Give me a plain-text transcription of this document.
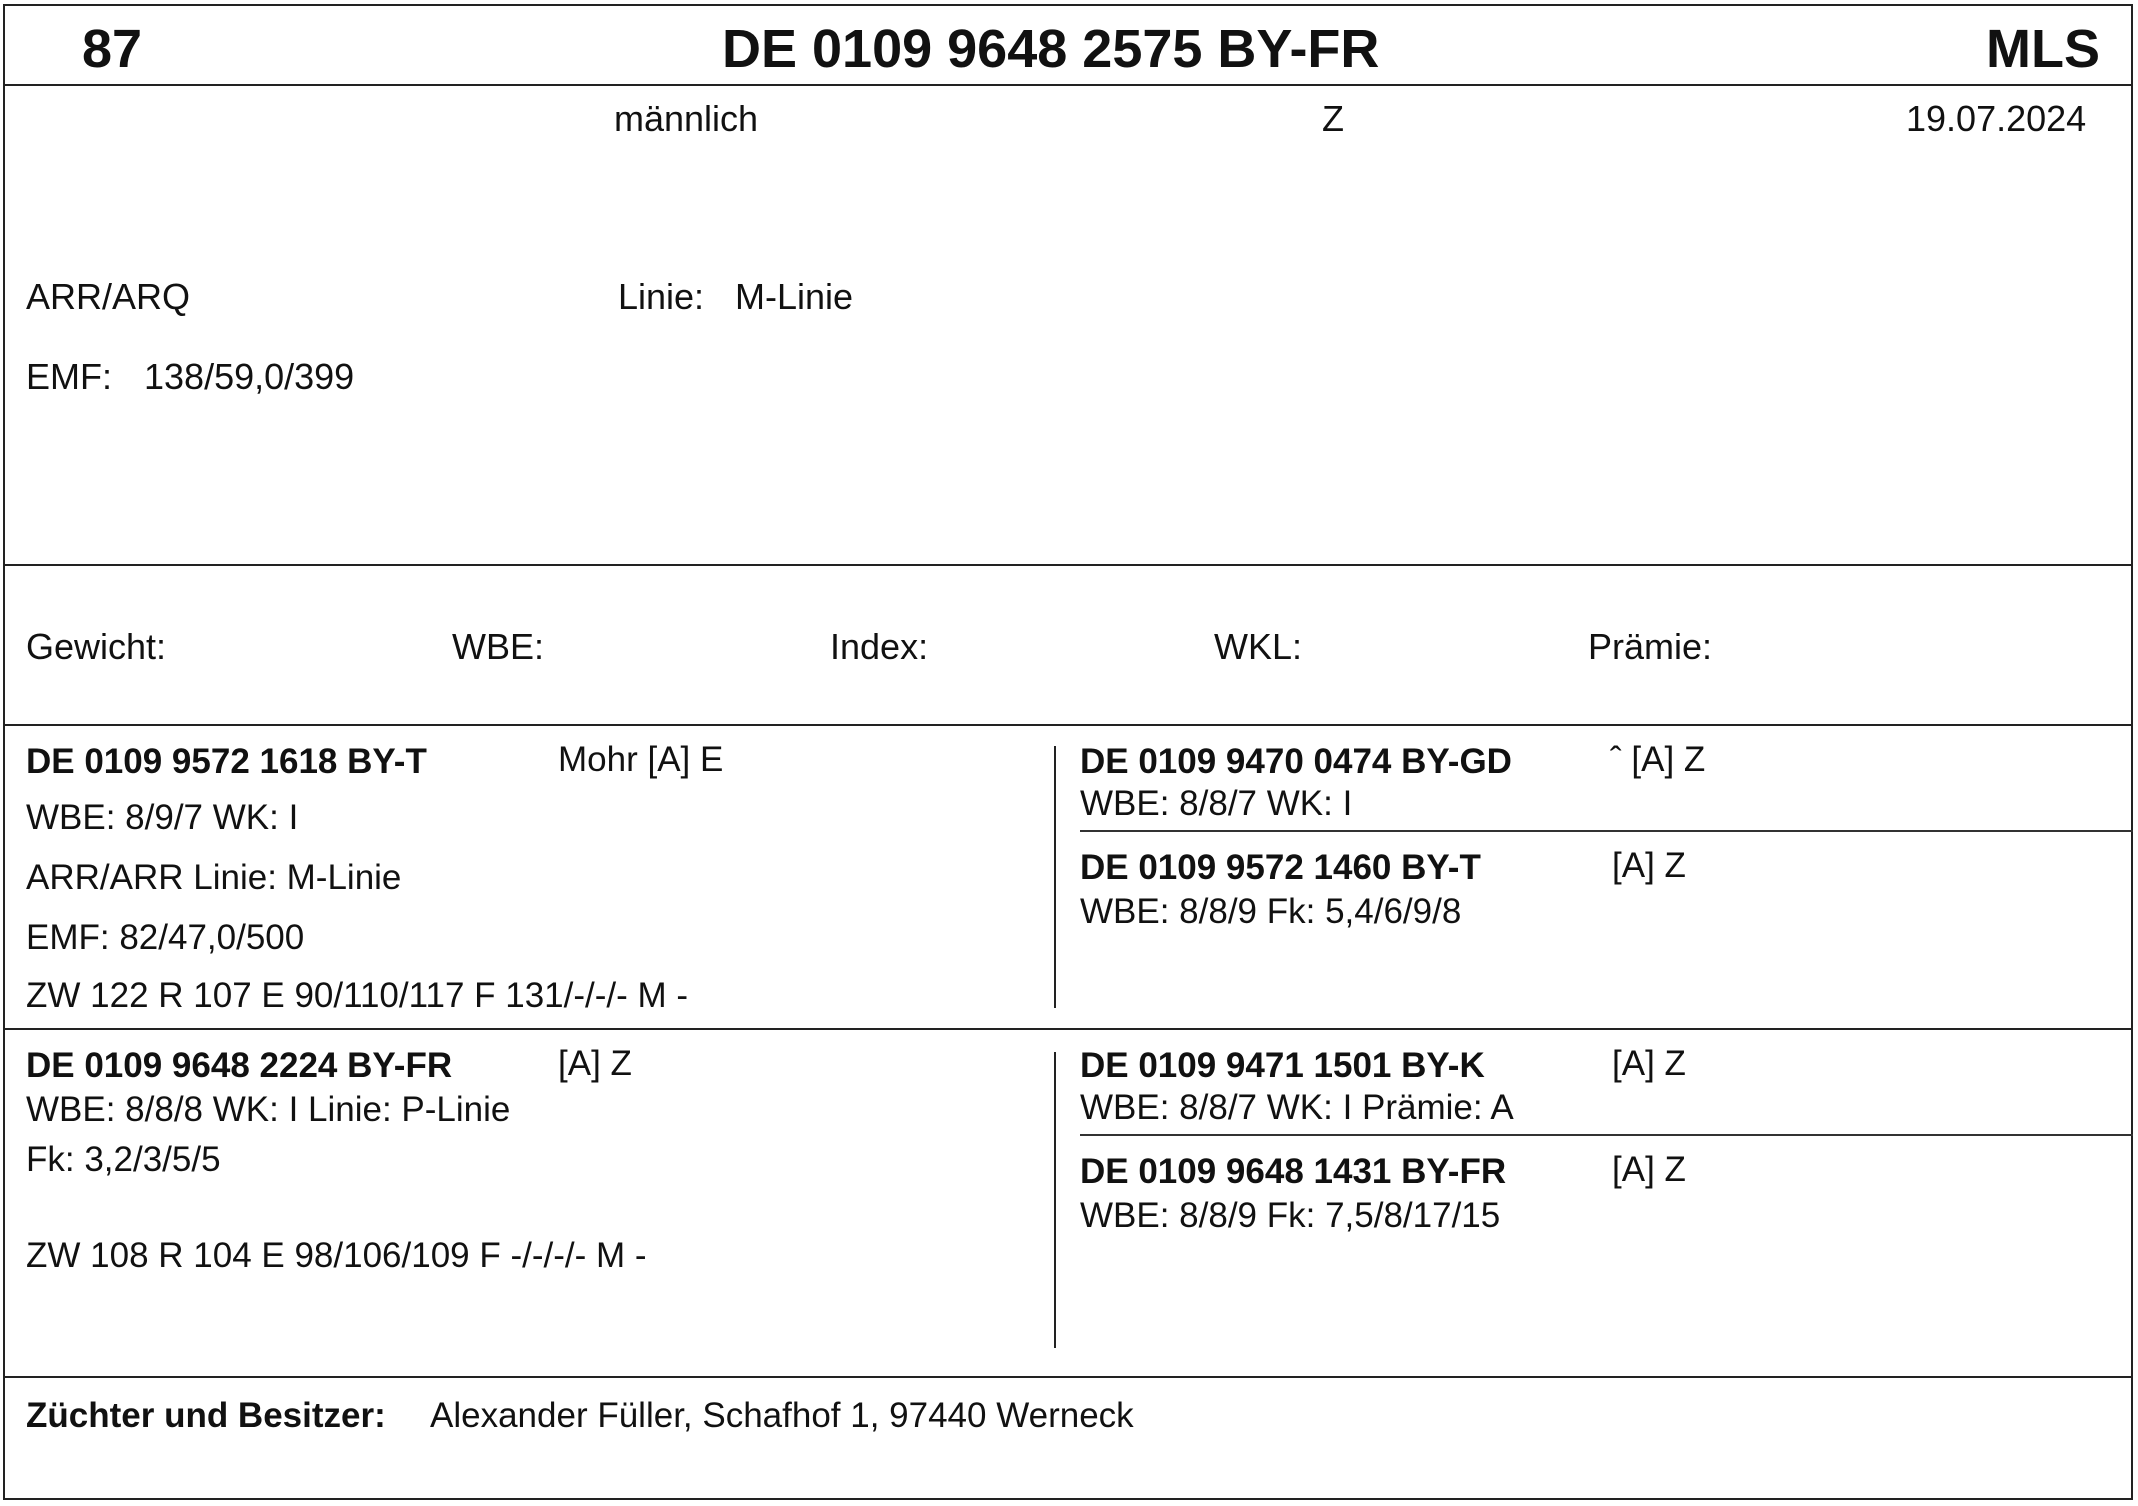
87	DE 0109 9648 2575 BY-FR	MLS
männlich	Z	19.07.2024
ARR/ARQ	Linie: M-Linie
EMF: 138/59,0/399
Gewicht:	WBE:	Index:	WKL:	Prämie:
DE 0109 9572 1618 BY-T	Mohr [A] E
WBE: 8/9/7 WK: I
ARR/ARR Linie: M-Linie
EMF: 82/47,0/500
ZW 122 R 107 E 90/110/117 F 131/-/-/- M -
DE 0109 9470 0474 BY-GD	ˆ [A] Z
WBE: 8/8/7 WK: I
DE 0109 9572 1460 BY-T	[A] Z
WBE: 8/8/9 Fk: 5,4/6/9/8
DE 0109 9648 2224 BY-FR	[A] Z
WBE: 8/8/8 WK: I Linie: P-Linie
Fk: 3,2/3/5/5
ZW 108 R 104 E 98/106/109 F -/-/-/- M -
DE 0109 9471 1501 BY-K	[A] Z
WBE: 8/8/7 WK: I Prämie: A
DE 0109 9648 1431 BY-FR	[A] Z
WBE: 8/8/9 Fk: 7,5/8/17/15
Züchter und Besitzer: Alexander Füller, Schafhof 1, 97440 Werneck
